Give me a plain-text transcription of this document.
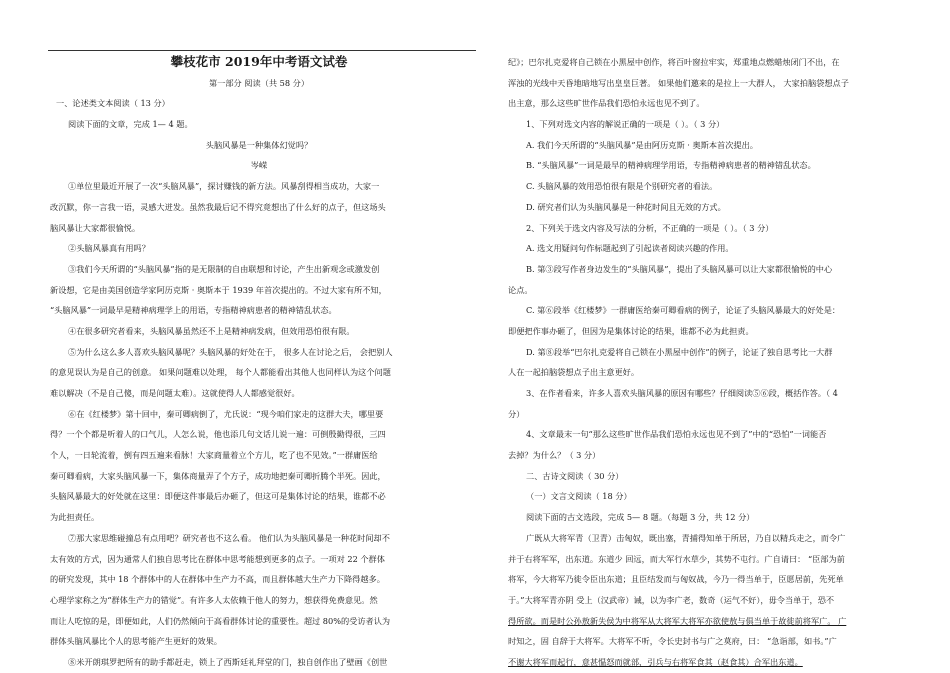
攀枝花市 2019年中考语文试卷
第一部分 阅读（共 58 分）
一、论述类文本阅读（ 13 分）
阅读下面的文章，完成 1— 4 题。
头脑风暴是一种集体幻觉吗？
岑嵘
①单位里最近开展了一次“头脑风暴”，探讨赚钱的新方法。风暴刮得相当成功，大家一
改沉默，你一言我一语，灵感大迸发。虽然我最后记不得究竟想出了什么好的点子，但这场头
脑风暴让大家都很愉悦。
②头脑风暴真有用吗？
③我们今天所谓的“头脑风暴”指的是无限制的自由联想和讨论，产生出新观念或激发创
新设想，它是由美国创造学家阿历克斯 · 奥斯本于 1939 年首次提出的。不过大家有所不知，
“头脑风暴”一词最早是精神病理学上的用语，专指精神病患者的精神错乱状态。
④在很多研究者看来，头脑风暴虽然还不上是精神病发病，但效用恐怕很有限。
⑤为什么这么多人喜欢头脑风暴呢？头脑风暴的好处在于， 很多人在讨论之后， 会把别人
的意见误认为是自己的创意。 如果问题难以处理， 每个人都能看出其他人也同样认为这个问题
难以解决（不是自己傻，而是问题太难）。这就使得人人都感觉很好。
⑥在《红楼梦》第十回中，秦可卿病倒了，尤氏说：“现今咱们家走的这群大夫，哪里要
得？一个个都是听着人的口气儿，人怎么说，他也添几句文话儿说一遍：可倒殷勤得很，三四
个人，一日轮流着，倒有四五遍来看脉！大家商量着立个方儿，吃了也不见效。”一群庸医给
秦可卿看病，大家头脑风暴一下，集体商量弄了个方子，成功地把秦可卿折腾个半死。因此，
头脑风暴最大的好处就在这里：即便这件事最后办砸了，但这可是集体讨论的结果，谁都不必
为此担责任。
⑦那大家思维碰撞总有点用吧？研究者也不这么看。 他们认为头脑风暴是一种花时间却不
太有效的方式，因为通常人们独自思考比在群体中思考能想到更多的点子。一项对 22 个群体
的研究发现，其中 18 个群体中的人在群体中生产力不高，而且群体越大生产力下降得越多。
心理学家称之为“群体生产力的错觉”。有许多人太依赖于他人的努力，想获得免费意见。然
而让人吃惊的是，即便如此，人们仍然倾向于高看群体讨论的重要性。超过 80%的受访者认为
群体头脑风暴比个人的思考能产生更好的效果。
⑧米开朗琪罗把所有的助手都赶走，锁上了西斯廷礼拜堂的门，独自创作出了壁画《创世
纪》；巴尔扎克爱将自己锁在小黑屋中创作，将百叶窗拉牢实，郑重地点燃蜡烛闭门不出，在
浑浊的光线中天昏地暗地写出皇皇巨著。 如果他们邀来的是拉上一大群人， 大家拍脑袋想点子
出主意，那么这些旷世作品我们恐怕永远也见不到了。
1、下列对选文内容的解说正确的一项是（ ）。（ 3 分）
A. 我们今天所谓的“头脑风暴”是由阿历克斯 · 奥斯本首次提出。
B. “头脑风暴”一词是最早的精神病理学用语，专指精神病患者的精神错乱状态。
C. 头脑风暴的效用恐怕很有限是个别研究者的看法。
D. 研究者们认为头脑风暴是一种花时间且无效的方式。
2、下列关于选文内容及写法的分析，不正确的一项是（ ）。（ 3 分）
A. 选文用疑问句作标题起到了引起读者阅读兴趣的作用。
B. 第③段写作者身边发生的“头脑风暴”，提出了头脑风暴可以让大家都很愉悦的中心
论点。
C. 第⑥段举《红楼梦》一群庸医给秦可卿看病的例子，论证了头脑风暴最大的好处是：
即便把作事办砸了，但因为是集体讨论的结果，谁都不必为此担责。
D. 第⑧段举“巴尔扎克爱将自己锁在小黑屋中创作”的例子，论证了独自思考比一大群
人在一起拍脑袋想点子出主意更好。
3、在作者看来，许多人喜欢头脑风暴的原因有哪些？仔细阅读⑤⑥段，概括作答。（ 4
分）
4、文章最末一句“那么这些旷世作品我们恐怕永远也见不到了”中的“恐怕”一词能否
去掉？为什么？（ 3 分）
二、古诗文阅读（ 30 分）
（一）文言文阅读（ 18 分）
阅读下面的古文选段，完成 5— 8 题。（每题 3 分，共 12 分）
广既从大将军青（卫青）击匈奴，既出塞，青捕得知单于所居，乃自以精兵走之，而令广
并于右将军军，出东道。东道少 回远，而大军行水草少，其势不屯行。广自请曰： “臣部为前
将军，今大将军乃徙令臣出东道；且臣结发而与匈奴战，今乃一得当单于，臣愿居前，先死单
于。”大将军青亦阴 受上（汉武帝）诫，以为李广老，数奇（运气不好），毋令当单于，恐不
得所欲。而是时公孙敖新失侯为中将军从大将军大将军亦欲使敖与俱当单于故徙前将军广。 广
时知之，固 自辞于大将军。大将军不听，令长史封书与广之莫府，曰： “急诣部，如书。”广
不谢大将军而起行，意甚愠怒而就部，引兵与右将军食其（赵食其）合军出东道。
